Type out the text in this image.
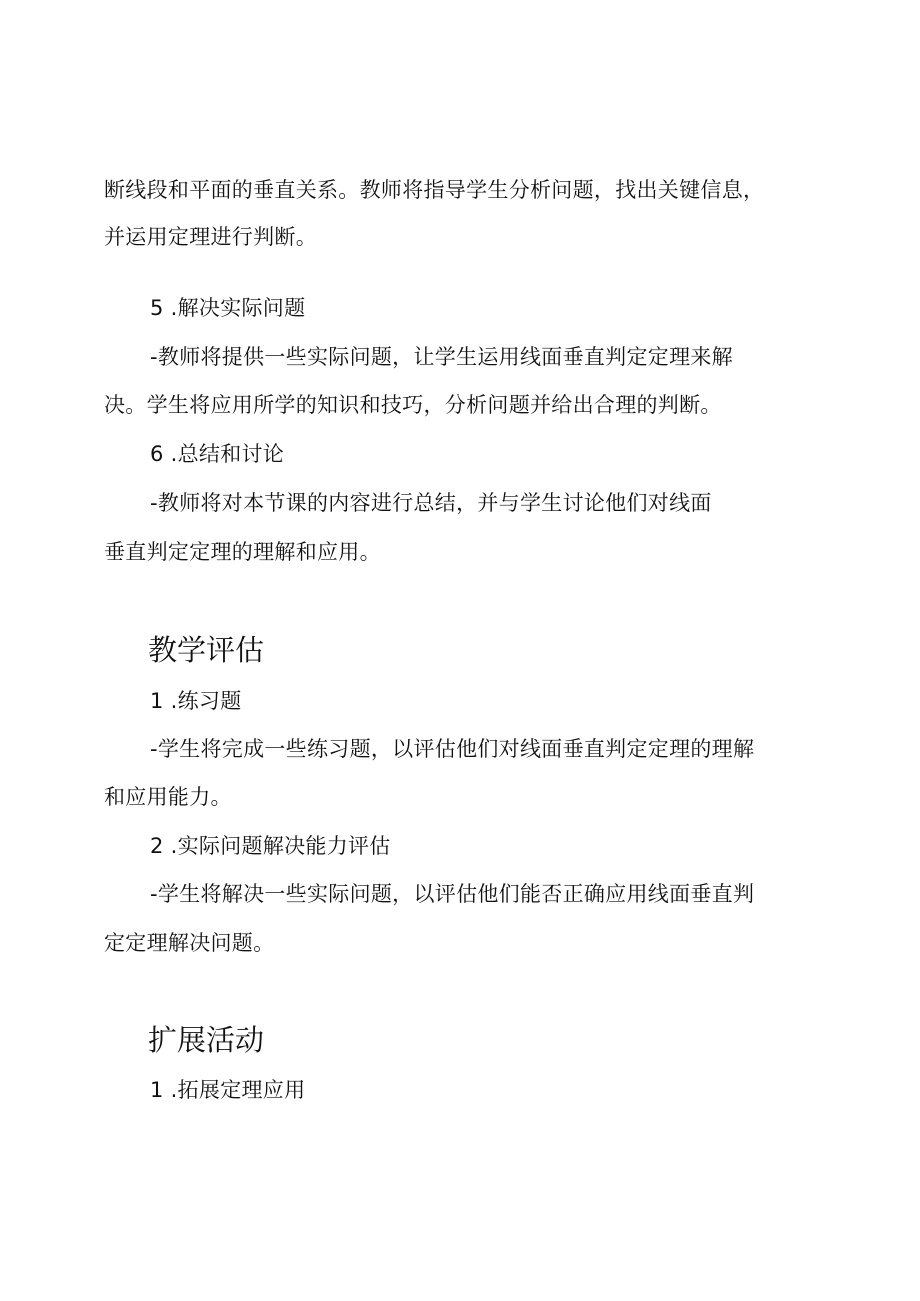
断线段和平面的垂直关系。教师将指导学生分析问题，找出关键信息，
并运用定理进行判断。
5 .解决实际问题
-教师将提供一些实际问题，让学生运用线面垂直判定定理来解
决。学生将应用所学的知识和技巧，分析问题并给出合理的判断。
6 .总结和讨论
-教师将对本节课的内容进行总结，并与学生讨论他们对线面
垂直判定定理的理解和应用。
教学评估
1 .练习题
-学生将完成一些练习题，以评估他们对线面垂直判定定理的理解
和应用能力。
2 .实际问题解决能力评估
-学生将解决一些实际问题，以评估他们能否正确应用线面垂直判
定定理解决问题。
扩展活动
1 .拓展定理应用
